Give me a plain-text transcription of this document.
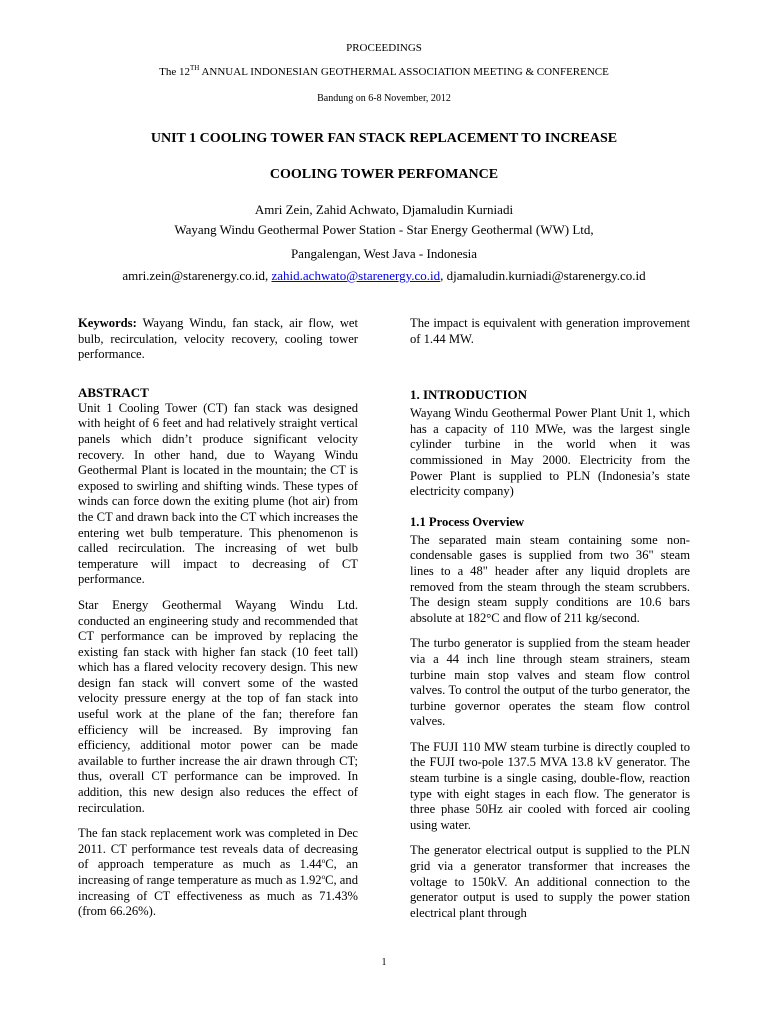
PROCEEDINGS
The 12TH ANNUAL INDONESIAN GEOTHERMAL ASSOCIATION MEETING & CONFERENCE
Bandung on 6-8 November, 2012
UNIT 1 COOLING TOWER FAN STACK REPLACEMENT TO INCREASE
COOLING TOWER PERFOMANCE
Amri Zein, Zahid Achwato, Djamaludin Kurniadi
Wayang Windu Geothermal Power Station - Star Energy Geothermal (WW) Ltd,
Pangalengan, West Java - Indonesia
amri.zein@starenergy.co.id, zahid.achwato@starenergy.co.id, djamaludin.kurniadi@starenergy.co.id

Keywords: Wayang Windu, fan stack, air flow, wet bulb, recirculation, velocity recovery, cooling tower performance.

ABSTRACT

Unit 1 Cooling Tower (CT) fan stack was designed with height of 6 feet and had relatively straight vertical panels which didn’t produce significant velocity recovery. In other hand, due to Wayang Windu Geothermal Plant is located in the mountain; the CT is exposed to swirling and shifting winds. These types of winds can force down the exiting plume (hot air) from the CT and drawn back into the CT which increases the entering wet bulb temperature. This phenomenon is called recirculation. The increasing of wet bulb temperature will impact to decreasing of CT performance.

Star Energy Geothermal Wayang Windu Ltd. conducted an engineering study and recommended that CT performance can be improved by replacing the existing fan stack with higher fan stack (10 feet tall) which has a flared velocity recovery design. This new design fan stack will convert some of the wasted velocity pressure energy at the top of fan stack into useful work at the plane of the fan; therefore fan efficiency will be increased. By improving fan efficiency, additional motor power can be made available to further increase the air drawn through CT; thus, overall CT performance can be improved. In addition, this new design also reduces the effect of recirculation.

The fan stack replacement work was completed in Dec 2011. CT performance test reveals data of decreasing of approach temperature as much as 1.44$^o$C, an increasing of range temperature as much as 1.92$^o$C, and increasing of CT effectiveness as much as 71.43% (from 66.26%).

The impact is equivalent with generation improvement of 1.44 MW.

1. INTRODUCTION

Wayang Windu Geothermal Power Plant Unit 1, which has a capacity of 110 MWe, was the largest single cylinder turbine in the world when it was commissioned in May 2000. Electricity from the Power Plant is supplied to PLN (Indonesia’s state electricity company)

1.1 Process Overview

The separated main steam containing some non-condensable gases is supplied from two 36" steam lines to a 48" header after any liquid droplets are removed from the steam through the steam scrubbers. The design steam supply conditions are 10.6 bars absolute at 182°C and flow of 211 kg/second.

The turbo generator is supplied from the steam header via a 44 inch line through steam strainers, steam turbine main stop valves and steam flow control valves. To control the output of the turbo generator, the turbine governor operates the steam flow control valves.

The FUJI 110 MW steam turbine is directly coupled to the FUJI two-pole 137.5 MVA 13.8 kV generator. The steam turbine is a single casing, double-flow, reaction type with eight stages in each flow. The generator is three phase 50Hz air cooled with forced air cooling using water.

The generator electrical output is supplied to the PLN grid via a generator transformer that increases the voltage to 150kV. An additional connection to the generator output is used to supply the power station electrical plant through

1
